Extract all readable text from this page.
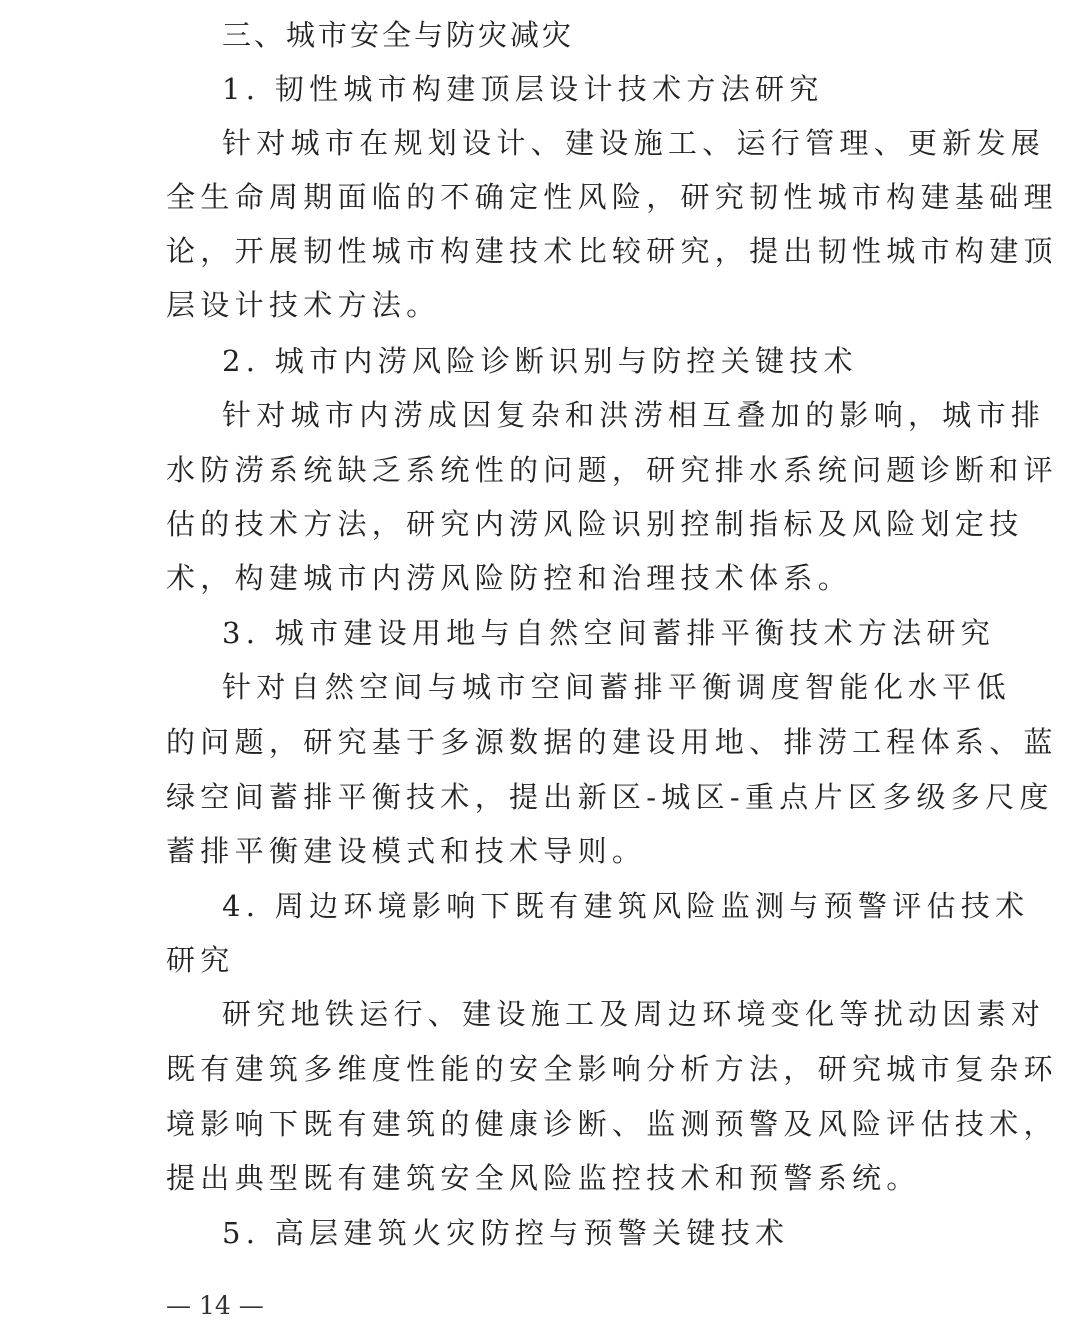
三、城市安全与防灾减灾
1. 韧性城市构建顶层设计技术方法研究
针对城市在规划设计、建设施工、运行管理、更新发展
全生命周期面临的不确定性风险，研究韧性城市构建基础理
论，开展韧性城市构建技术比较研究，提出韧性城市构建顶
层设计技术方法。
2. 城市内涝风险诊断识别与防控关键技术
针对城市内涝成因复杂和洪涝相互叠加的影响，城市排
水防涝系统缺乏系统性的问题，研究排水系统问题诊断和评
估的技术方法，研究内涝风险识别控制指标及风险划定技
术，构建城市内涝风险防控和治理技术体系。
3. 城市建设用地与自然空间蓄排平衡技术方法研究
针对自然空间与城市空间蓄排平衡调度智能化水平低
的问题，研究基于多源数据的建设用地、排涝工程体系、蓝
绿空间蓄排平衡技术，提出新区-城区-重点片区多级多尺度
蓄排平衡建设模式和技术导则。
4. 周边环境影响下既有建筑风险监测与预警评估技术
研究
研究地铁运行、建设施工及周边环境变化等扰动因素对
既有建筑多维度性能的安全影响分析方法，研究城市复杂环
境影响下既有建筑的健康诊断、监测预警及风险评估技术，
提出典型既有建筑安全风险监控技术和预警系统。
5. 高层建筑火灾防控与预警关键技术
— 14 —
